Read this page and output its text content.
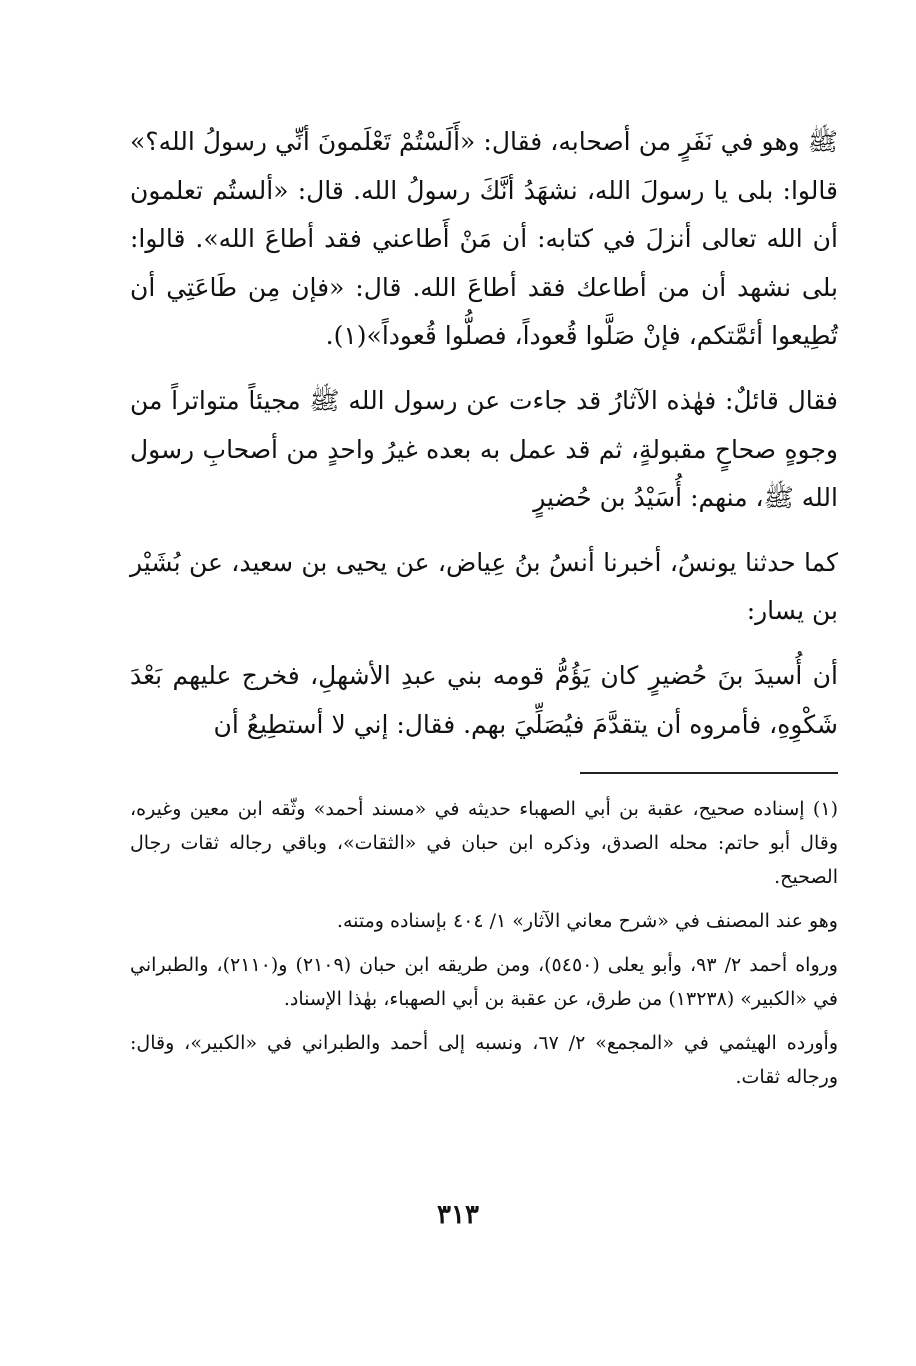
ﷺ وهو في نَفَرٍ من أصحابه، فقال: «أَلَسْتُمْ تَعْلَمونَ أنِّي رسولُ الله؟» قالوا: بلى يا رسولَ الله، نشهَدُ أنَّكَ رسولُ الله. قال: «ألستُم تعلمون أن الله تعالى أنزلَ في كتابه: أن مَنْ أَطاعني فقد أطاعَ الله». قالوا: بلى نشهد أن من أطاعك فقد أطاعَ الله. قال: «فإن مِن طَاعَتِي أن تُطِيعوا أئمَّتكم، فإنْ صَلَّوا قُعوداً، فصلُّوا قُعوداً»(١).

فقال قائلٌ: فهٰذه الآثارُ قد جاءت عن رسول الله ﷺ مجيئاً متواتراً من وجوهٍ صحاحٍ مقبولةٍ، ثم قد عمل به بعده غيرُ واحدٍ من أصحابِ رسول الله ﷺ، منهم: أُسَيْدُ بن حُضيرٍ

كما حدثنا يونسُ، أخبرنا أنسُ بنُ عِياض، عن يحيى بن سعيد، عن بُشَيْر بن يسار:

أن أُسيدَ بنَ حُضيرٍ كان يَؤُمُّ قومه بني عبدِ الأشهلِ، فخرج عليهم بَعْدَ شَكْوِهِ، فأمروه أن يتقدَّمَ فيُصَلِّيَ بهم. فقال: إني لا أستطِيعُ أن

(١) إسناده صحيح، عقبة بن أبي الصهباء حديثه في «مسند أحمد» وثّقه ابن معين وغيره، وقال أبو حاتم: محله الصدق، وذكره ابن حبان في «الثقات»، وباقي رجاله ثقات رجال الصحيح.

وهو عند المصنف في «شرح معاني الآثار» ١/ ٤٠٤ بإسناده ومتنه.

ورواه أحمد ٢/ ٩٣، وأبو يعلى (٥٤٥٠)، ومن طريقه ابن حبان (٢١٠٩) و(٢١١٠)، والطبراني في «الكبير» (١٣٢٣٨) من طرق، عن عقبة بن أبي الصهباء، بهٰذا الإسناد.

وأورده الهيثمي في «المجمع» ٢/ ٦٧، ونسبه إلى أحمد والطبراني في «الكبير»، وقال: ورجاله ثقات.

٣١٣
